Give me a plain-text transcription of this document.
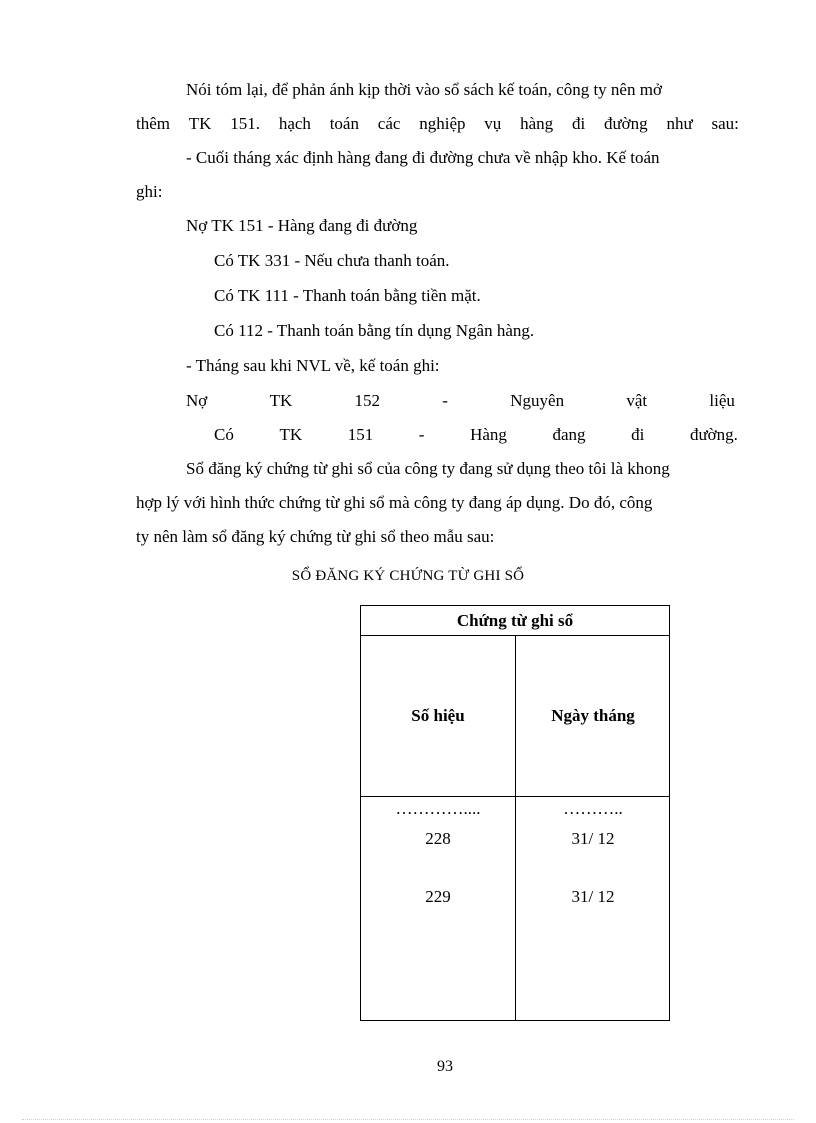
Nói tóm lại, để phản ánh kịp thời vào sổ sách kế toán, công ty nên mở
thêm TK 151. hạch toán các nghiệp vụ hàng đi đường như sau:
- Cuối tháng xác định hàng đang đi đường chưa về nhập kho. Kế toán
ghi:
Nợ TK 151 - Hàng đang đi đường
Có TK 331 - Nếu chưa thanh toán.
Có TK 111 - Thanh toán bằng tiền mặt.
Có 112 - Thanh toán bằng tín dụng Ngân hàng.
- Tháng sau khi NVL về, kế toán ghi:
Nợ	TK	152	-	Nguyên	vật	liệu
Có	TK	151	-	Hàng	đang	đi	đường.
Sổ đăng ký chứng từ ghi sổ của công ty đang sử dụng theo tôi là khong
hợp lý với hình thức chứng từ ghi sổ mà công ty đang áp dụng. Do đó, công
ty nên làm sổ đăng ký chứng từ ghi sổ theo mẫu sau:
SỔ ĐĂNG KÝ CHỨNG TỪ GHI SỔ
Chứng từ ghi sổ
Số hiệu	Ngày tháng
…………....	………..
228	31/ 12
229	31/ 12
93
